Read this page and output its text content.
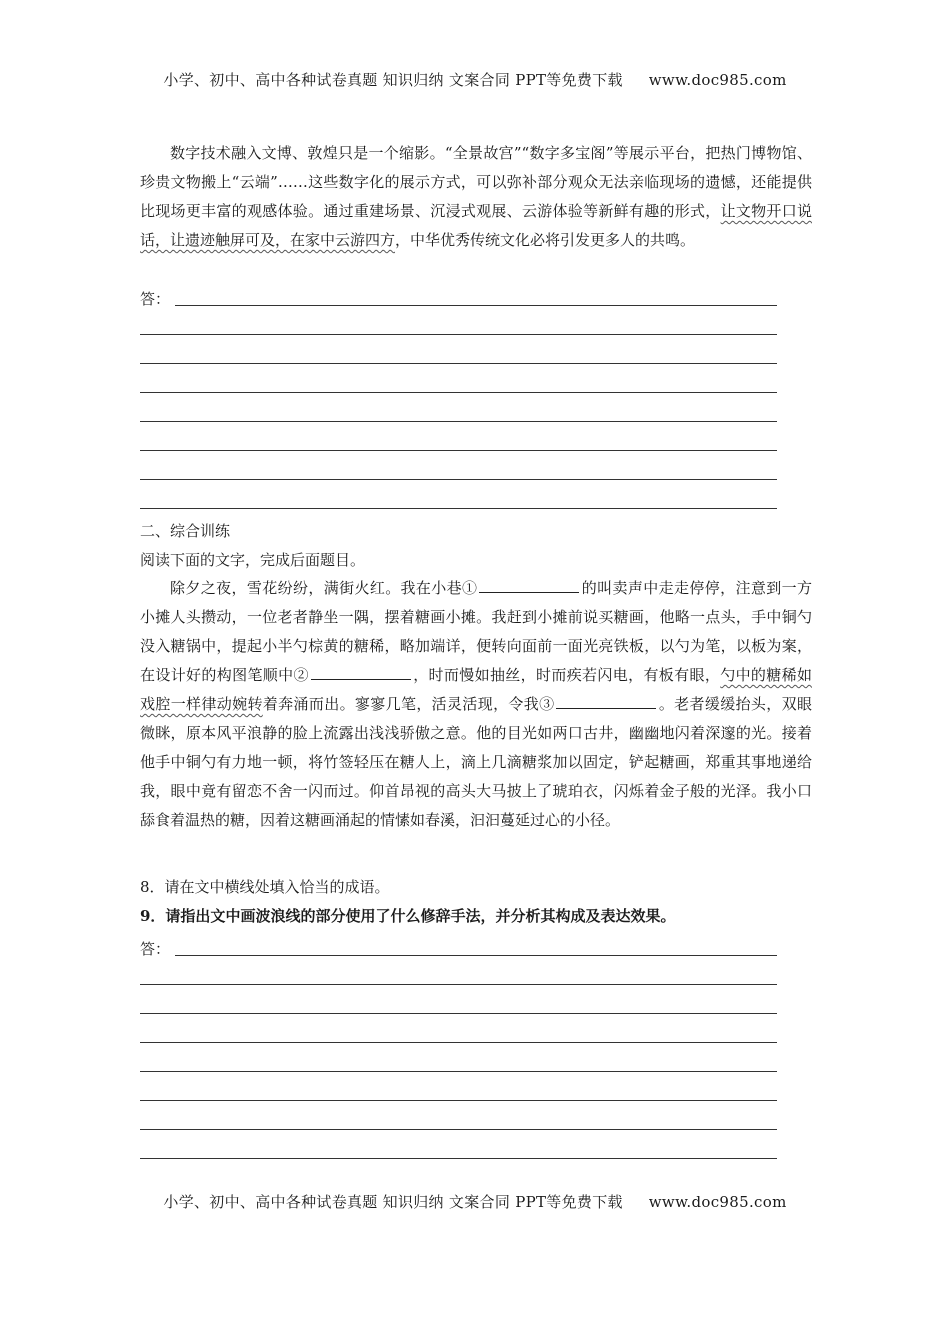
小学、初中、高中各种试卷真题 知识归纳 文案合同 PPT等免费下载 www.doc985.com

数字技术融入文博、敦煌只是一个缩影。“全景故宫”“数字多宝阁”等展示平台，把热门博物馆、珍贵文物搬上“云端”……这些数字化的展示方式，可以弥补部分观众无法亲临现场的遗憾，还能提供比现场更丰富的观感体验。通过重建场景、沉浸式观展、云游体验等新鲜有趣的形式，让文物开口说话，让遗迹触屏可及，在家中云游四方，中华优秀传统文化必将引发更多人的共鸣。

答：

二、综合训练

阅读下面的文字，完成后面题目。

除夕之夜，雪花纷纷，满街火红。我在小巷①	的叫卖声中走走停停，注意到一方小摊人头攒动，一位老者静坐一隅，摆着糖画小摊。我赶到小摊前说买糖画，他略一点头，手中铜勺没入糖锅中，提起小半勺棕黄的糖稀，略加端详，便转向面前一面光亮铁板，以勺为笔，以板为案，在设计好的构图笔顺中②	，时而慢如抽丝，时而疾若闪电，有板有眼，勺中的糖稀如戏腔一样律动婉转着奔涌而出。寥寥几笔，活灵活现，令我③	。老者缓缓抬头，双眼微眯，原本风平浪静的脸上流露出浅浅骄傲之意。他的目光如两口古井，幽幽地闪着深邃的光。接着他手中铜勺有力地一顿，将竹签轻压在糖人上，滴上几滴糖浆加以固定，铲起糖画，郑重其事地递给我，眼中竟有留恋不舍一闪而过。仰首昂视的高头大马披上了琥珀衣，闪烁着金子般的光泽。我小口舔食着温热的糖，因着这糖画涌起的情愫如春溪，汩汩蔓延过心的小径。

8．请在文中横线处填入恰当的成语。

9．请指出文中画波浪线的部分使用了什么修辞手法，并分析其构成及表达效果。

答：
小学、初中、高中各种试卷真题 知识归纳 文案合同 PPT等免费下载 www.doc985.com
